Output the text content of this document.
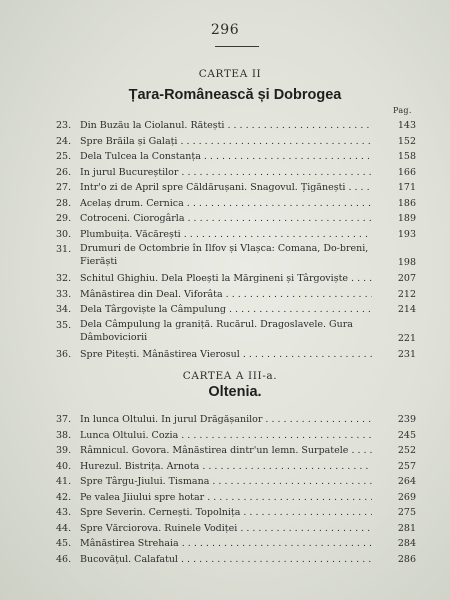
296
CARTEA II
Țara-Românească și Dobrogea
Pag.
23. Din Buzău la Ciolanul. Rătești . . .	143
24. Spre Brăila și Galați . . .	152
25. Dela Tulcea la Constanța . . .	158
26. In jurul Bucureștilor . . .	166
27. Intr'o zi de April spre Căldărușani. Snagovul. Țigănești . . .	171
28. Acelaș drum. Cernica . . .	186
29. Cotroceni. Ciorogârla . . .	189
30. Plumbuița. Văcărești . . .	193
31. Drumuri de Octombrie în Ilfov și Vlașca: Comana, Do-breni, Fierăști	198
32. Schitul Ghighiu. Dela Ploești la Mărgineni și Târgoviște . . .	207
33. Mânăstirea din Deal. Viforâta . . .	212
34. Dela Târgoviște la Câmpulung . . .	214
35. Dela Câmpulung la graniță. Rucărul. Dragoslavele. Gura Dâmboviciorii	221
36. Spre Pitești. Mânăstirea Vierosul . . .	231
CARTEA A III-a.
Oltenia.
37. In lunca Oltului. In jurul Drăgășanilor . . .	239
38. Lunca Oltului. Cozia . . .	245
39. Râmnicul. Govora. Mânăstirea dintr'un lemn. Surpatele . . .	252
40. Hurezul. Bistrița. Arnota . . .	257
41. Spre Târgu-Jiului. Tismana . . .	264
42. Pe valea Jiiului spre hotar . . .	269
43. Spre Severin. Cernești. Topolnița . . .	275
44. Spre Vărciorova. Ruinele Vodiței . . .	281
45. Mânăstirea Strehaia . . .	284
46. Bucovățul. Calafatul . . .	286
